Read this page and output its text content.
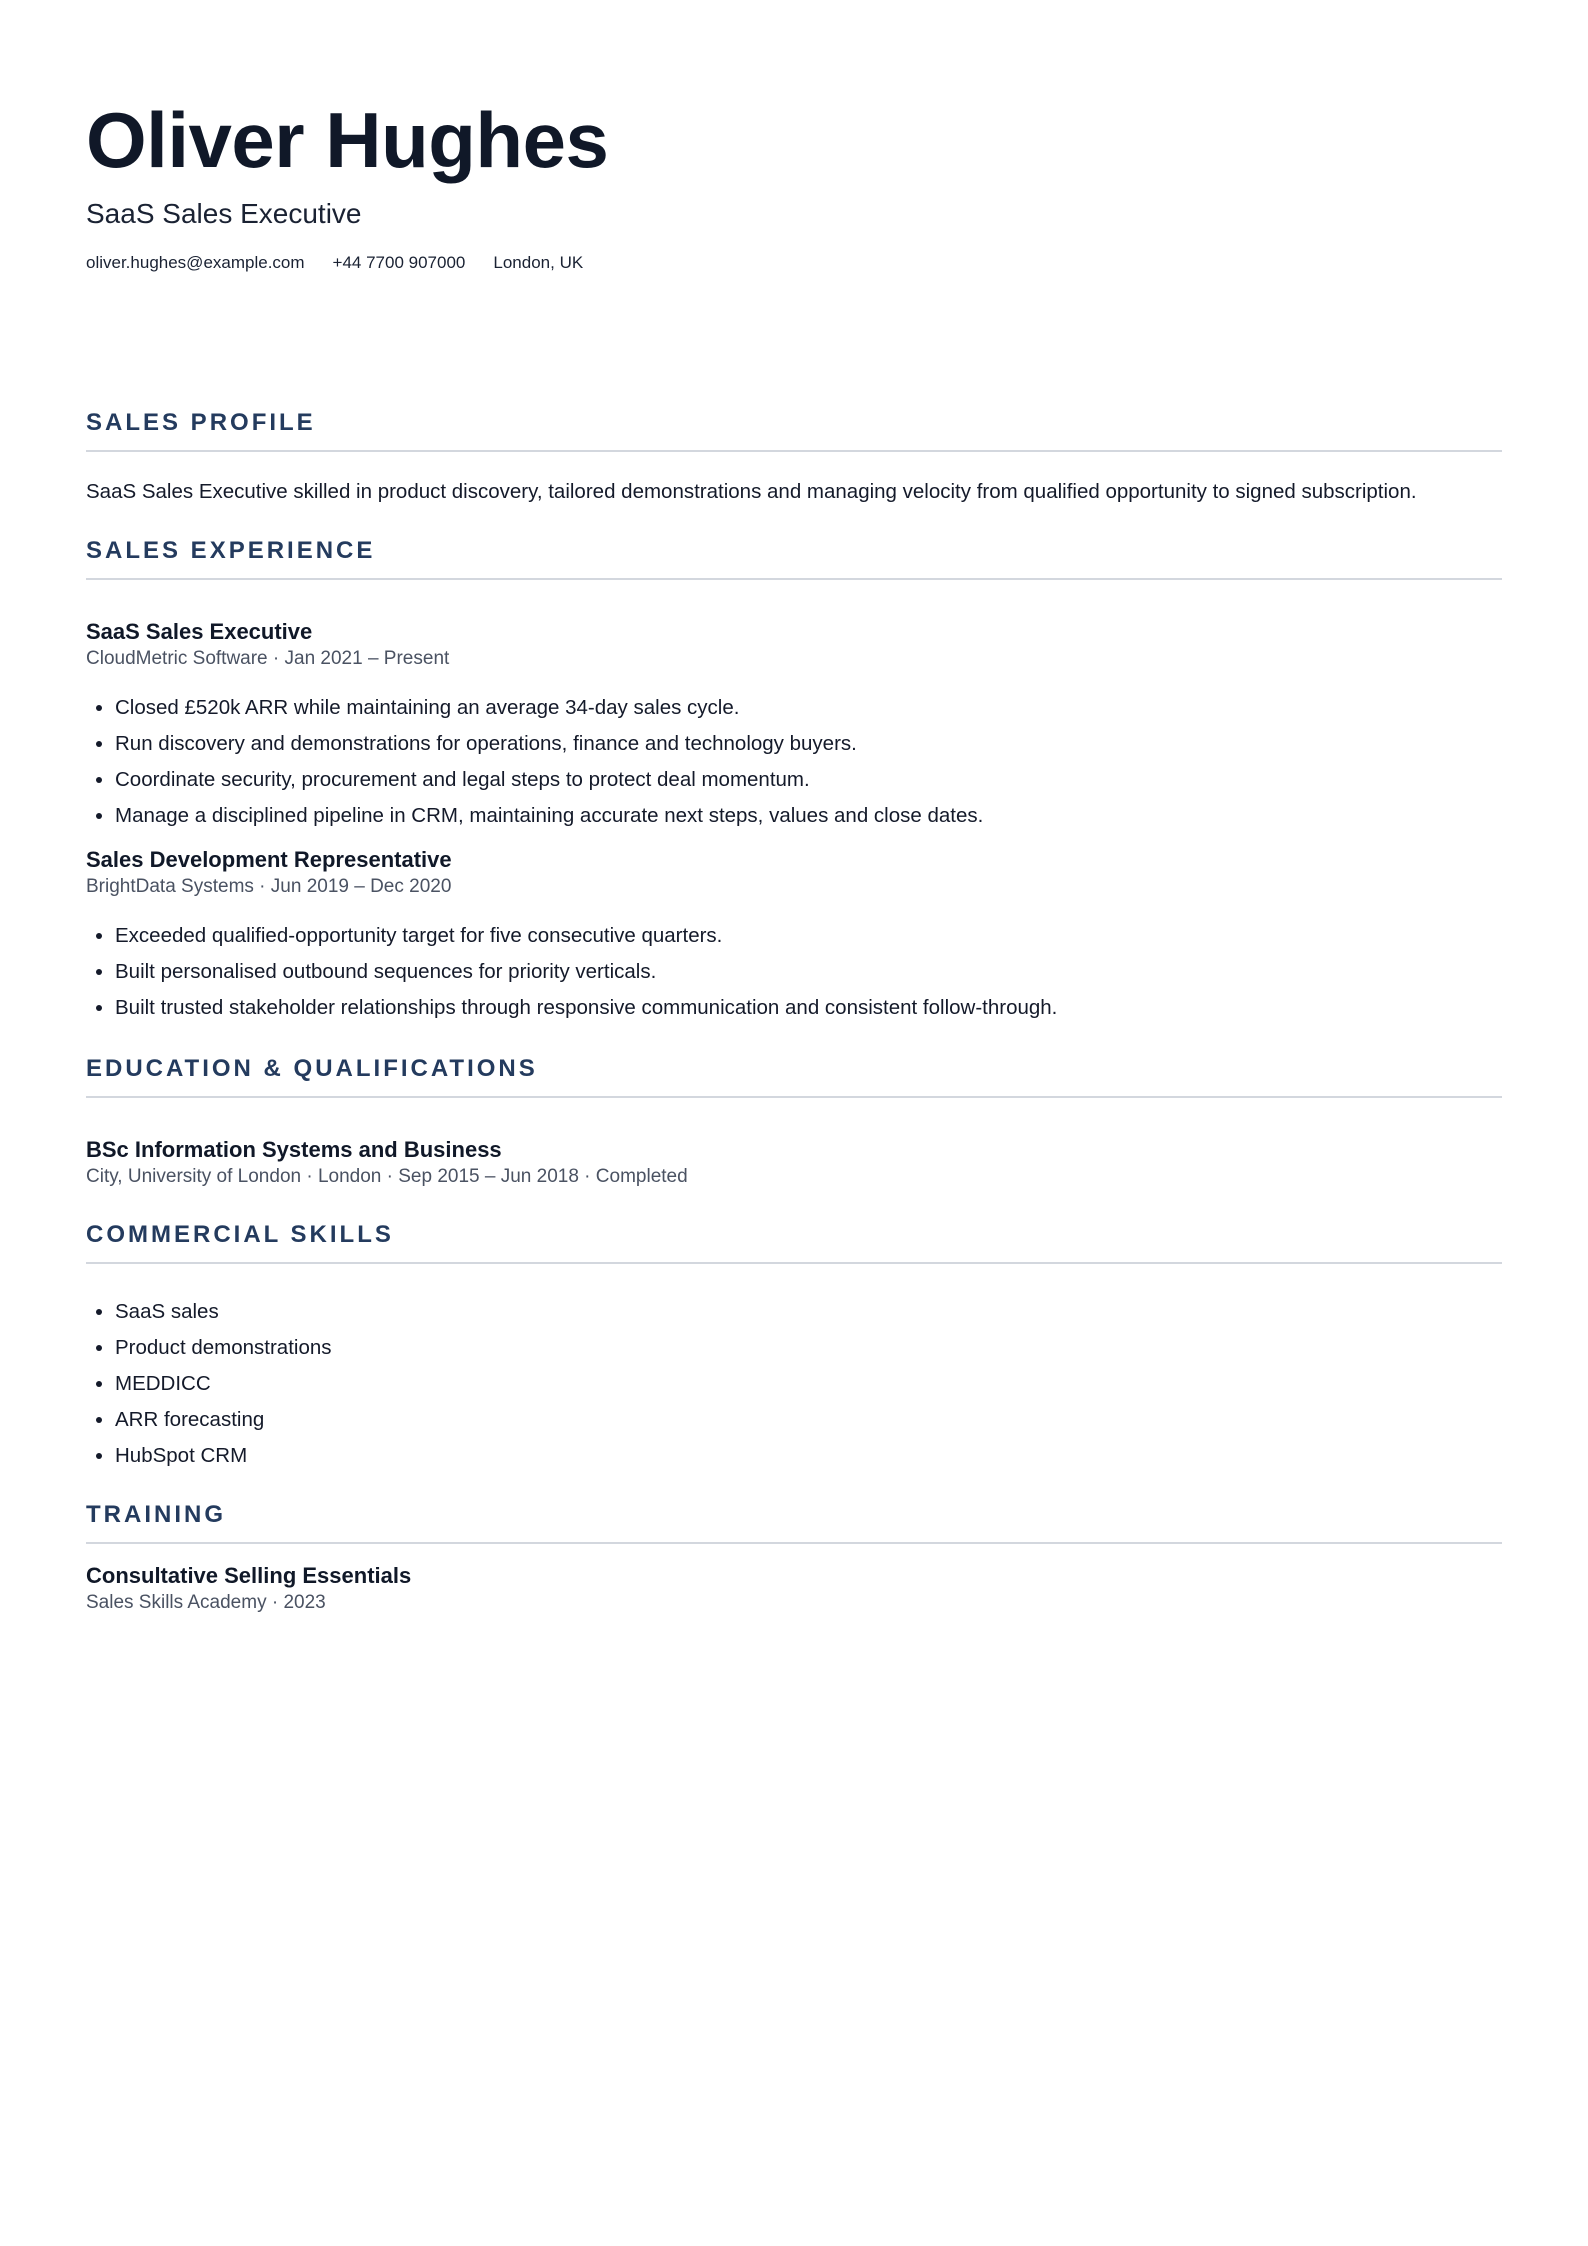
Oliver Hughes
SaaS Sales Executive
oliver.hughes@example.com +44 7700 907000 London, UK
SALES PROFILE
SaaS Sales Executive skilled in product discovery, tailored demonstrations and managing velocity from qualified opportunity to signed subscription.
SALES EXPERIENCE
SaaS Sales Executive
CloudMetric Software · Jan 2021 – Present
• Closed £520k ARR while maintaining an average 34-day sales cycle.
• Run discovery and demonstrations for operations, finance and technology buyers.
• Coordinate security, procurement and legal steps to protect deal momentum.
• Manage a disciplined pipeline in CRM, maintaining accurate next steps, values and close dates.
Sales Development Representative
BrightData Systems · Jun 2019 – Dec 2020
• Exceeded qualified-opportunity target for five consecutive quarters.
• Built personalised outbound sequences for priority verticals.
• Built trusted stakeholder relationships through responsive communication and consistent follow-through.
EDUCATION & QUALIFICATIONS
BSc Information Systems and Business
City, University of London · London · Sep 2015 – Jun 2018 · Completed
COMMERCIAL SKILLS
• SaaS sales
• Product demonstrations
• MEDDICC
• ARR forecasting
• HubSpot CRM
TRAINING
Consultative Selling Essentials
Sales Skills Academy · 2023
